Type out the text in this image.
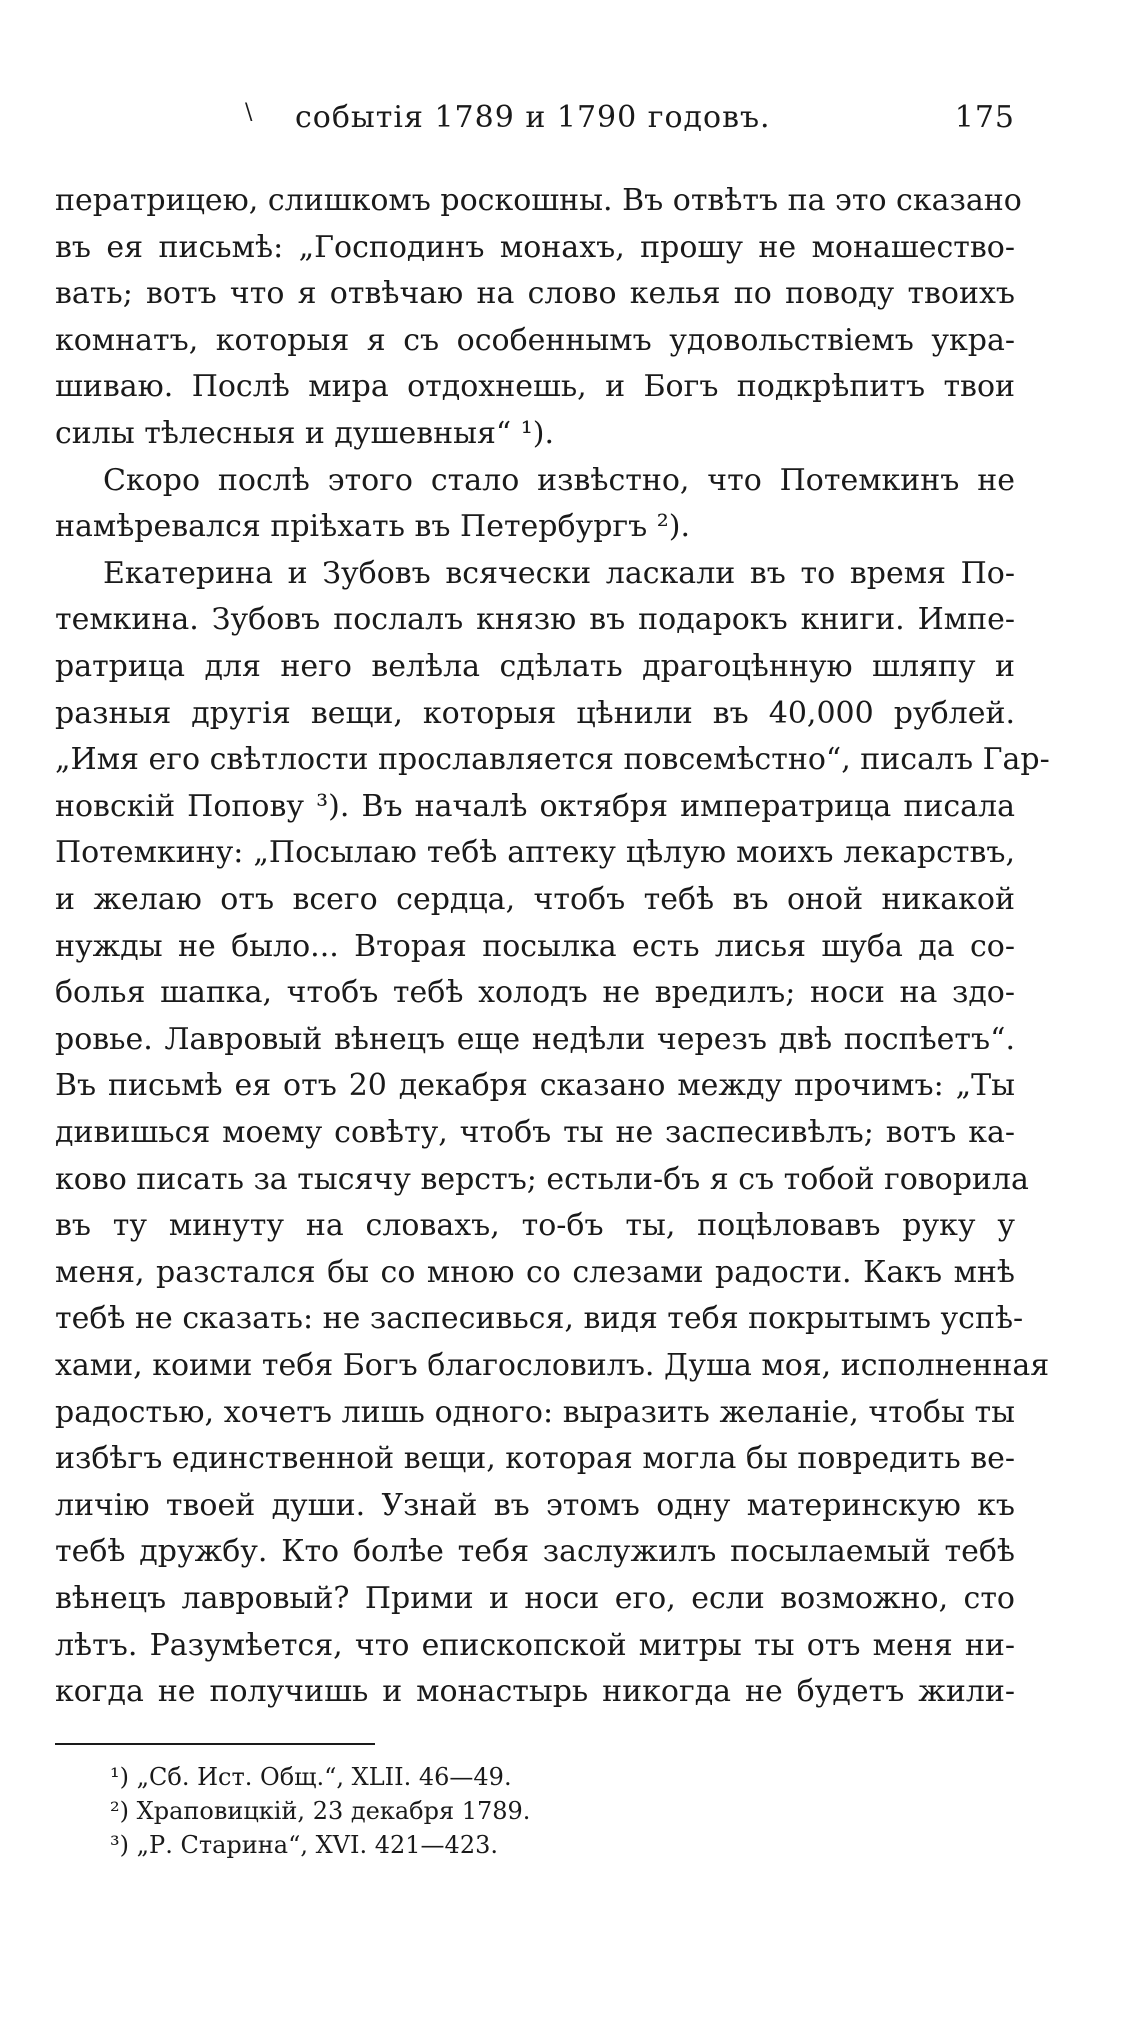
\ событія 1789 и 1790 годовъ.	175
ператрицею, слишкомъ роскошны. Въ отвѣтъ па это сказано
въ ея письмѣ: „Господинъ монахъ, прошу не монашество-
вать; вотъ что я отвѣчаю на слово келья по поводу твоихъ
комнатъ, которыя я съ особеннымъ удовольствіемъ укра-
шиваю. Послѣ мира отдохнешь, и Богъ подкрѣпитъ твои
силы тѣлесныя и душевныя“ ¹).
Скоро послѣ этого стало извѣстно, что Потемкинъ не
намѣревался пріѣхать въ Петербургъ ²).
Екатерина и Зубовъ всячески ласкали въ то время По-
темкина. Зубовъ послалъ князю въ подарокъ книги. Импе-
ратрица для него велѣла сдѣлать драгоцѣнную шляпу и
разныя другія вещи, которыя цѣнили въ 40,000 рублей.
„Имя его свѣтлости прославляется повсемѣстно“, писалъ Гар-
новскій Попову ³). Въ началѣ октября императрица писала
Потемкину: „Посылаю тебѣ аптеку цѣлую моихъ лекарствъ,
и желаю отъ всего сердца, чтобъ тебѣ въ оной никакой
нужды не было... Вторая посылка есть лисья шуба да со-
болья шапка, чтобъ тебѣ холодъ не вредилъ; носи на здо-
ровье. Лавровый вѣнецъ еще недѣли черезъ двѣ поспѣетъ“.
Въ письмѣ ея отъ 20 декабря сказано между прочимъ: „Ты
дивишься моему совѣту, чтобъ ты не заспесивѣлъ; вотъ ка-
ково писать за тысячу верстъ; естьли-бъ я съ тобой говорила
въ ту минуту на словахъ, то-бъ ты, поцѣловавъ руку у
меня, разстался бы со мною со слезами радости. Какъ мнѣ
тебѣ не сказать: не заспесивься, видя тебя покрытымъ успѣ-
хами, коими тебя Богъ благословилъ. Душа моя, исполненная
радостью, хочетъ лишь одного: выразить желаніе, чтобы ты
избѣгъ единственной вещи, которая могла бы повредить ве-
личію твоей души. Узнай въ этомъ одну материнскую къ
тебѣ дружбу. Кто болѣе тебя заслужилъ посылаемый тебѣ
вѣнецъ лавровый? Прими и носи его, если возможно, сто
лѣтъ. Разумѣется, что епископской митры ты отъ меня ни-
когда не получишь и монастырь никогда не будетъ жили-
¹) „Сб. Ист. Общ.“, XLII. 46—49.
²) Храповицкій, 23 декабря 1789.
³) „Р. Старина“, XVI. 421—423.
